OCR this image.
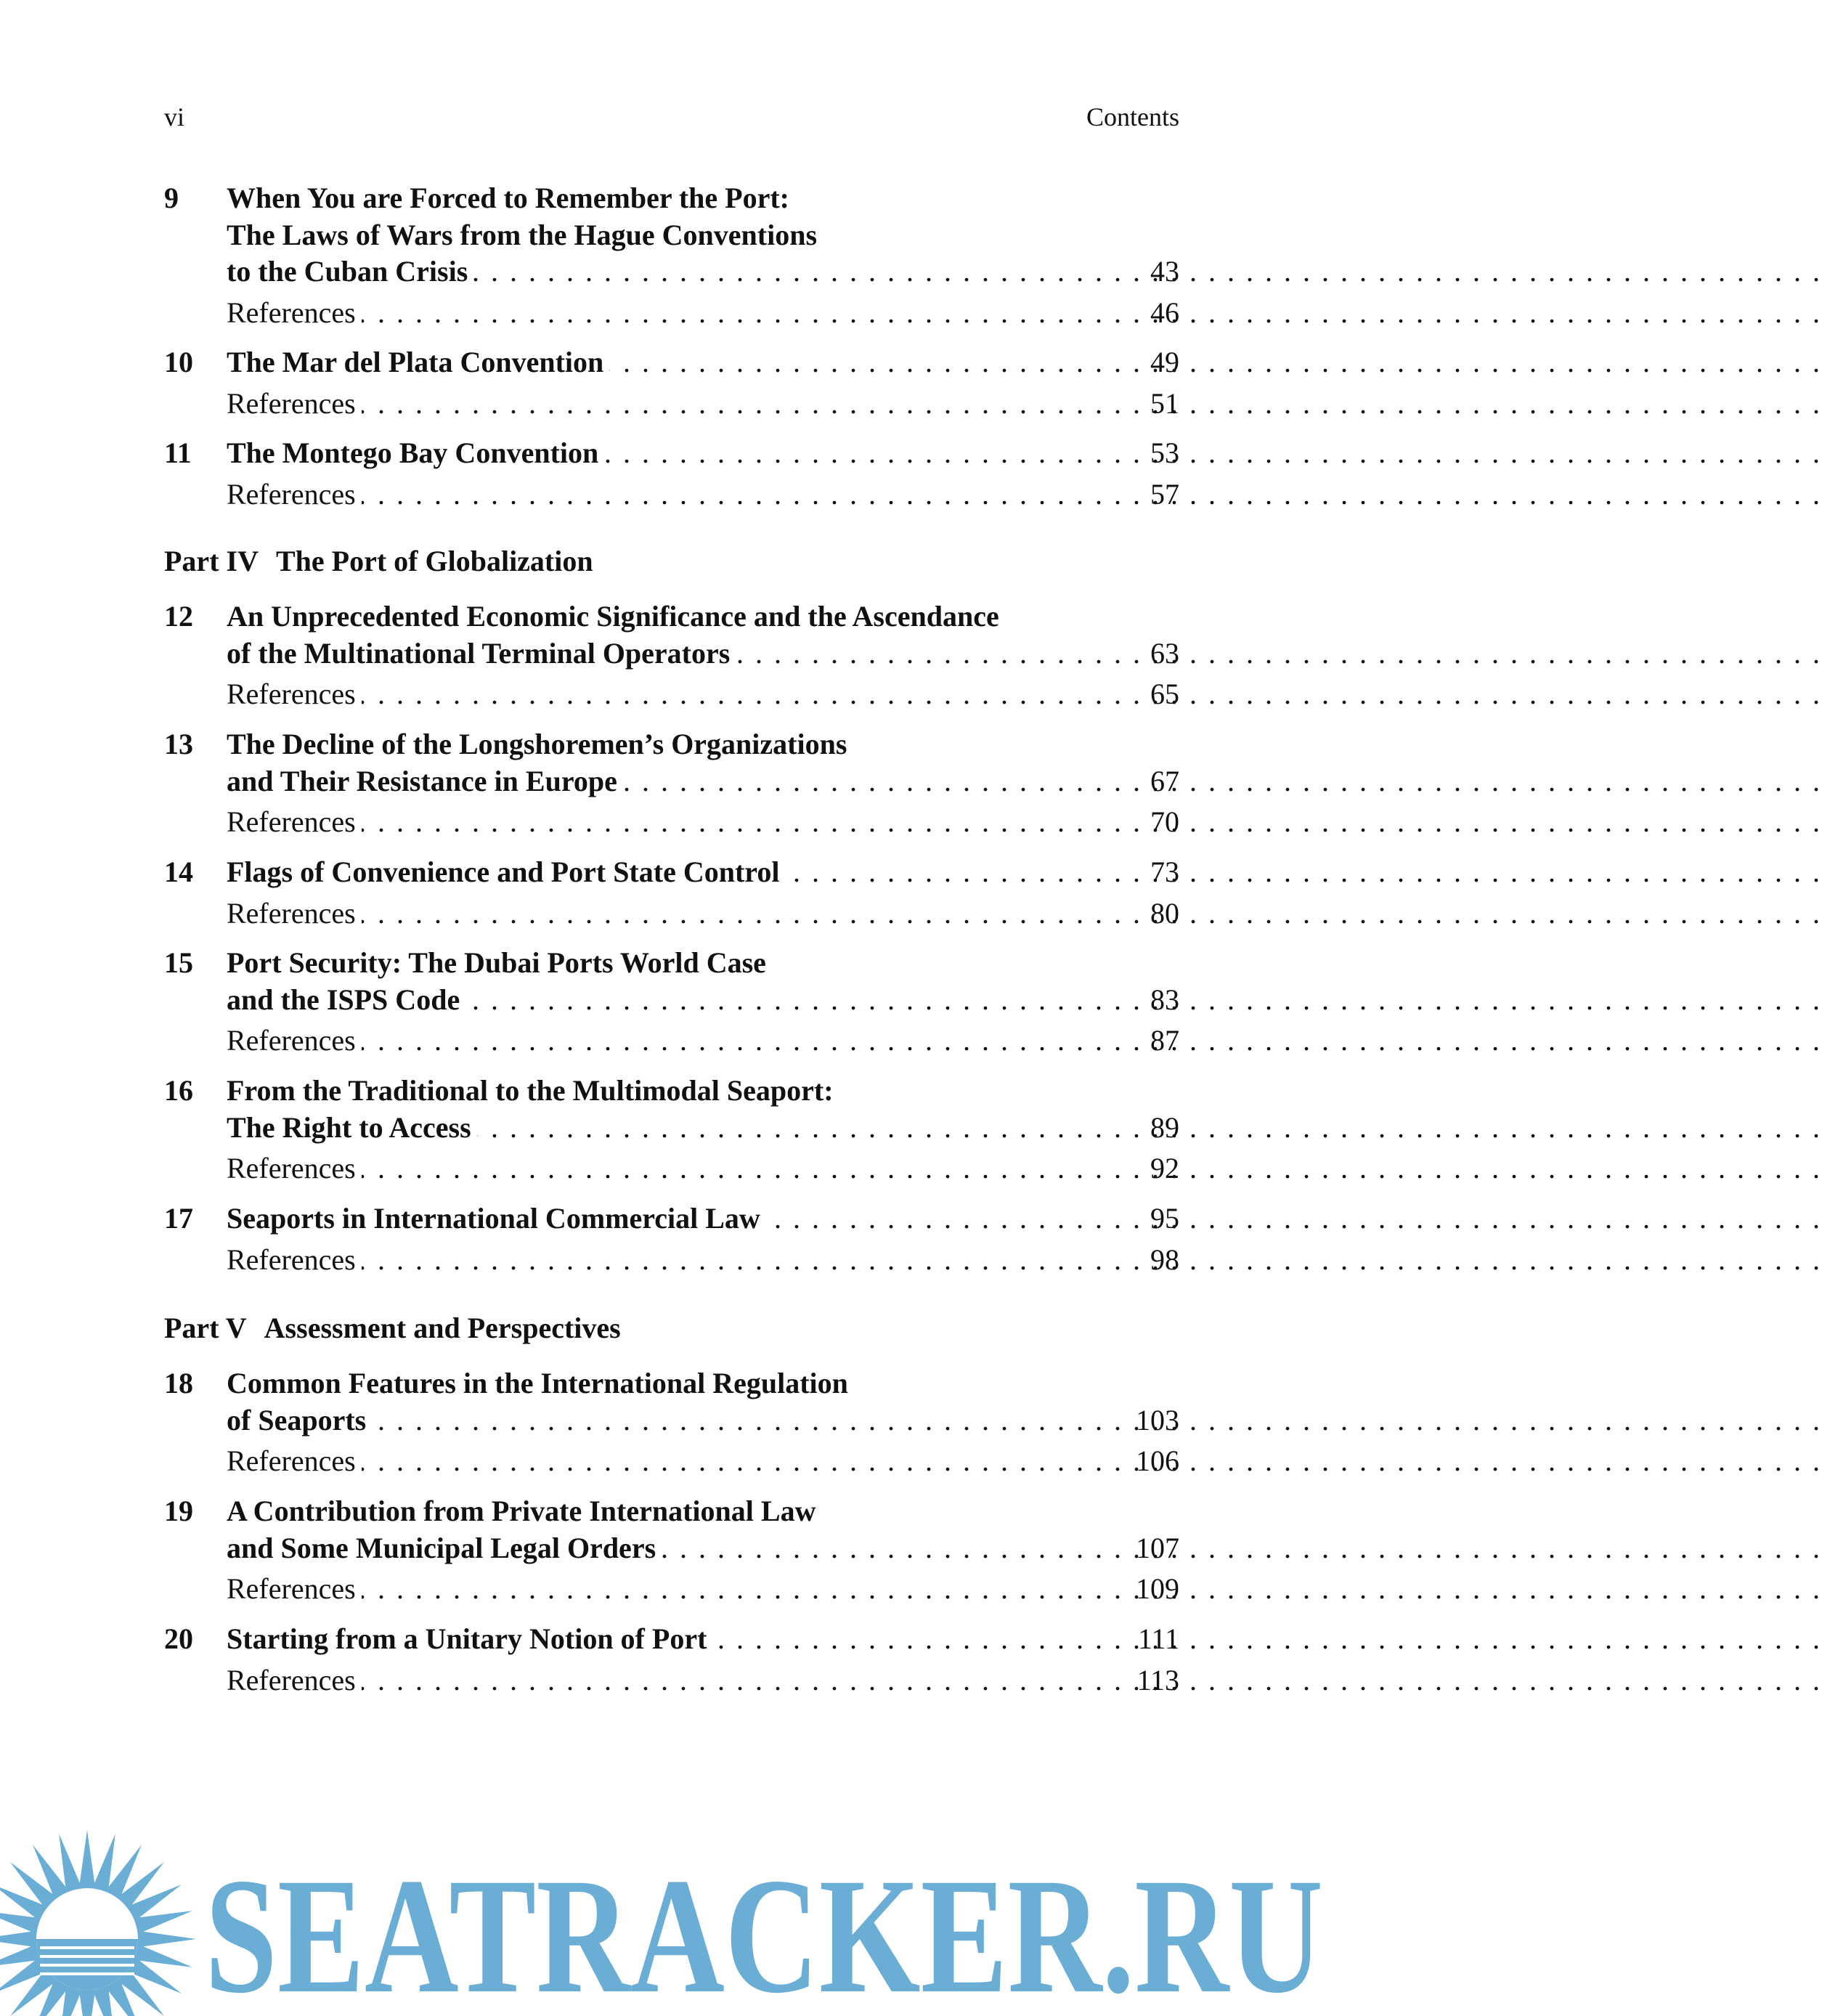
vi	Contents
The Laws of Wars from the Hague Conventions
9 When You are Forced to Remember the Port:
to the Cuban Crisis . . .	43
References . . .	46
10 The Mar del Plata Convention . . .	49
References . . .	51
11 The Montego Bay Convention . . .	53
References . . .	57
12 An Unprecedented Economic Significance and the Ascendance
of the Multinational Terminal Operators . . .	63
References . . .	65
13 The Decline of the Longshoremen’s Organizations
and Their Resistance in Europe . . .	67
References . . .	70
14 Flags of Convenience and Port State Control . . .	73
References . . .	80
15 Port Security: The Dubai Ports World Case
and the ISPS Code . . .	83
References . . .	87
16 From the Traditional to the Multimodal Seaport:
The Right to Access . . .	89
References . . .	92
17 Seaports in International Commercial Law . . .	95
References . . .	98
18 Common Features in the International Regulation
of Seaports . . .	103
References . . .	106
19 A Contribution from Private International Law
and Some Municipal Legal Orders . . .	107
References . . .	109
20 Starting from a Unitary Notion of Port . . .	111
References . . .	113
Part IV The Port of Globalization
Part V Assessment and Perspectives
SEATRACKER.RU
